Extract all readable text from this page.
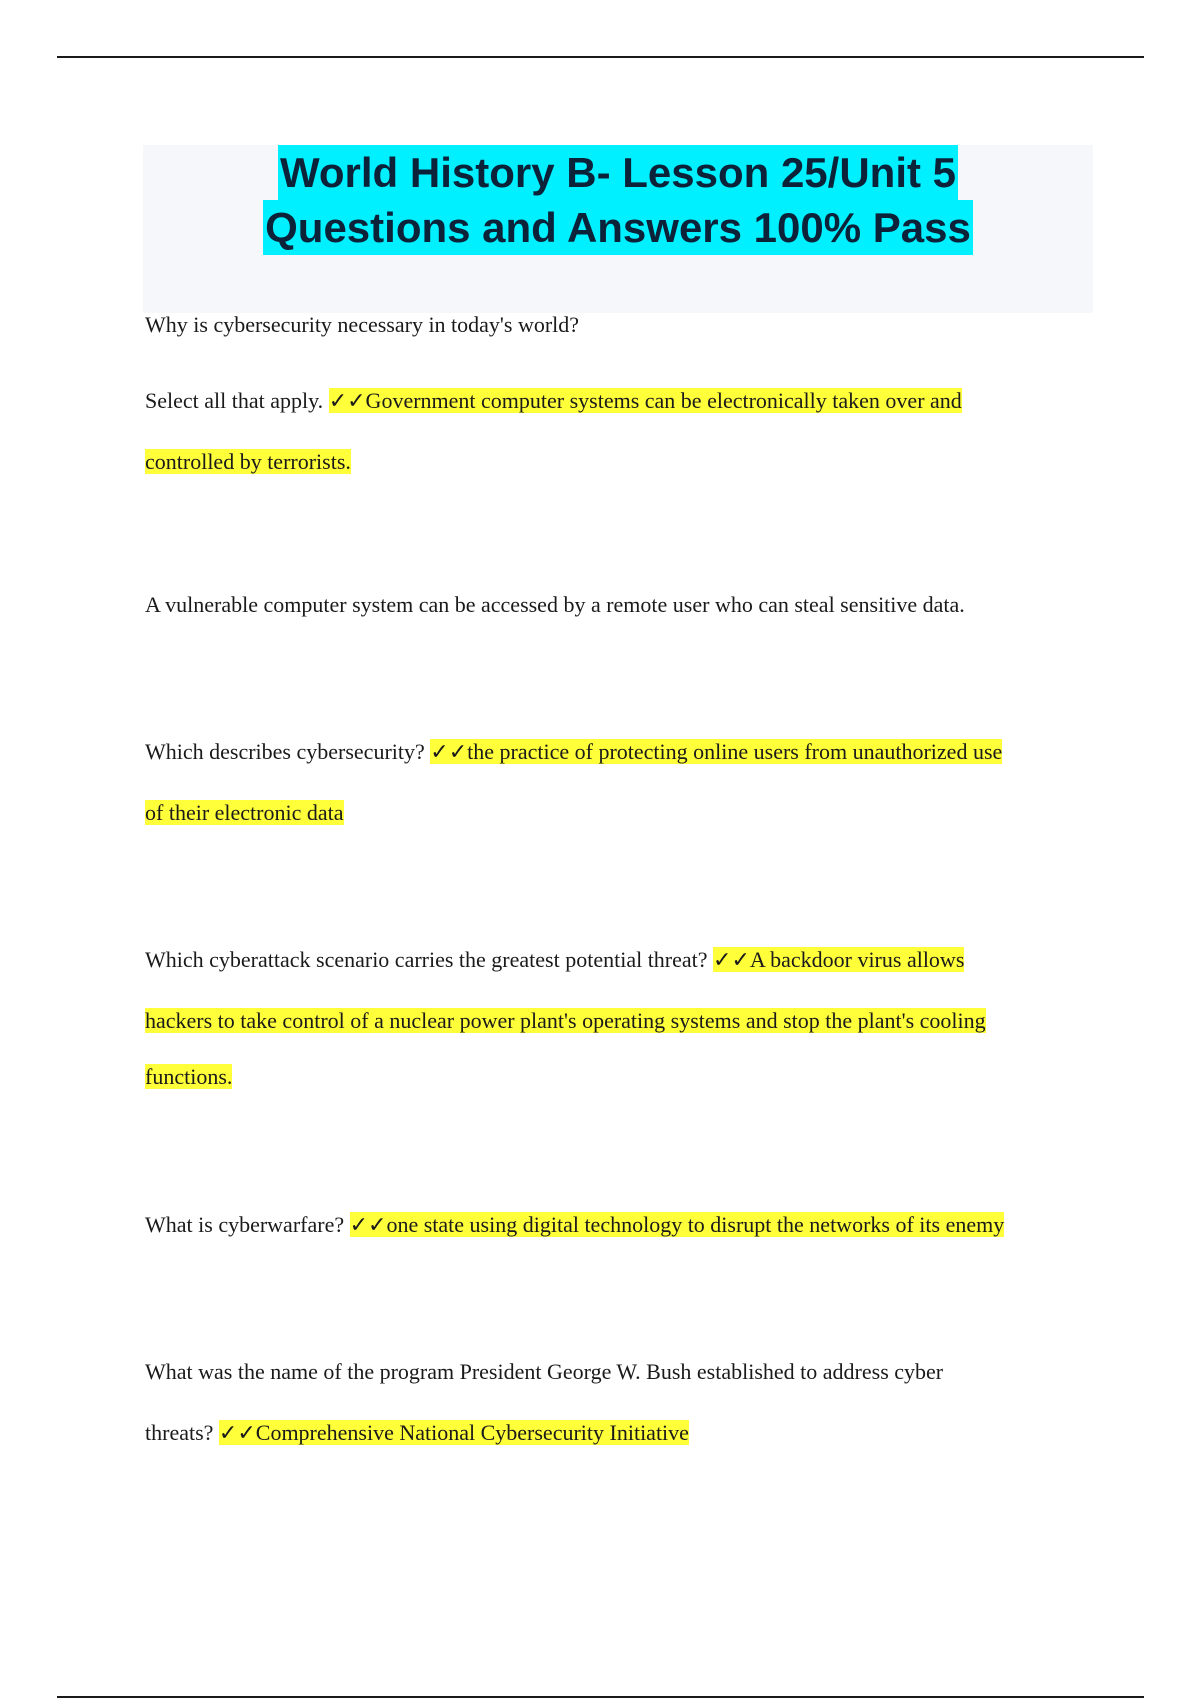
World History B- Lesson 25/Unit 5
Questions and Answers 100% Pass
Why is cybersecurity necessary in today's world?
Select all that apply. ✓✓Government computer systems can be electronically taken over and
controlled by terrorists.
A vulnerable computer system can be accessed by a remote user who can steal sensitive data.
Which describes cybersecurity? ✓✓the practice of protecting online users from unauthorized use
of their electronic data
Which cyberattack scenario carries the greatest potential threat? ✓✓A backdoor virus allows
hackers to take control of a nuclear power plant's operating systems and stop the plant's cooling
functions.
What is cyberwarfare? ✓✓one state using digital technology to disrupt the networks of its enemy
What was the name of the program President George W. Bush established to address cyber
threats? ✓✓Comprehensive National Cybersecurity Initiative
